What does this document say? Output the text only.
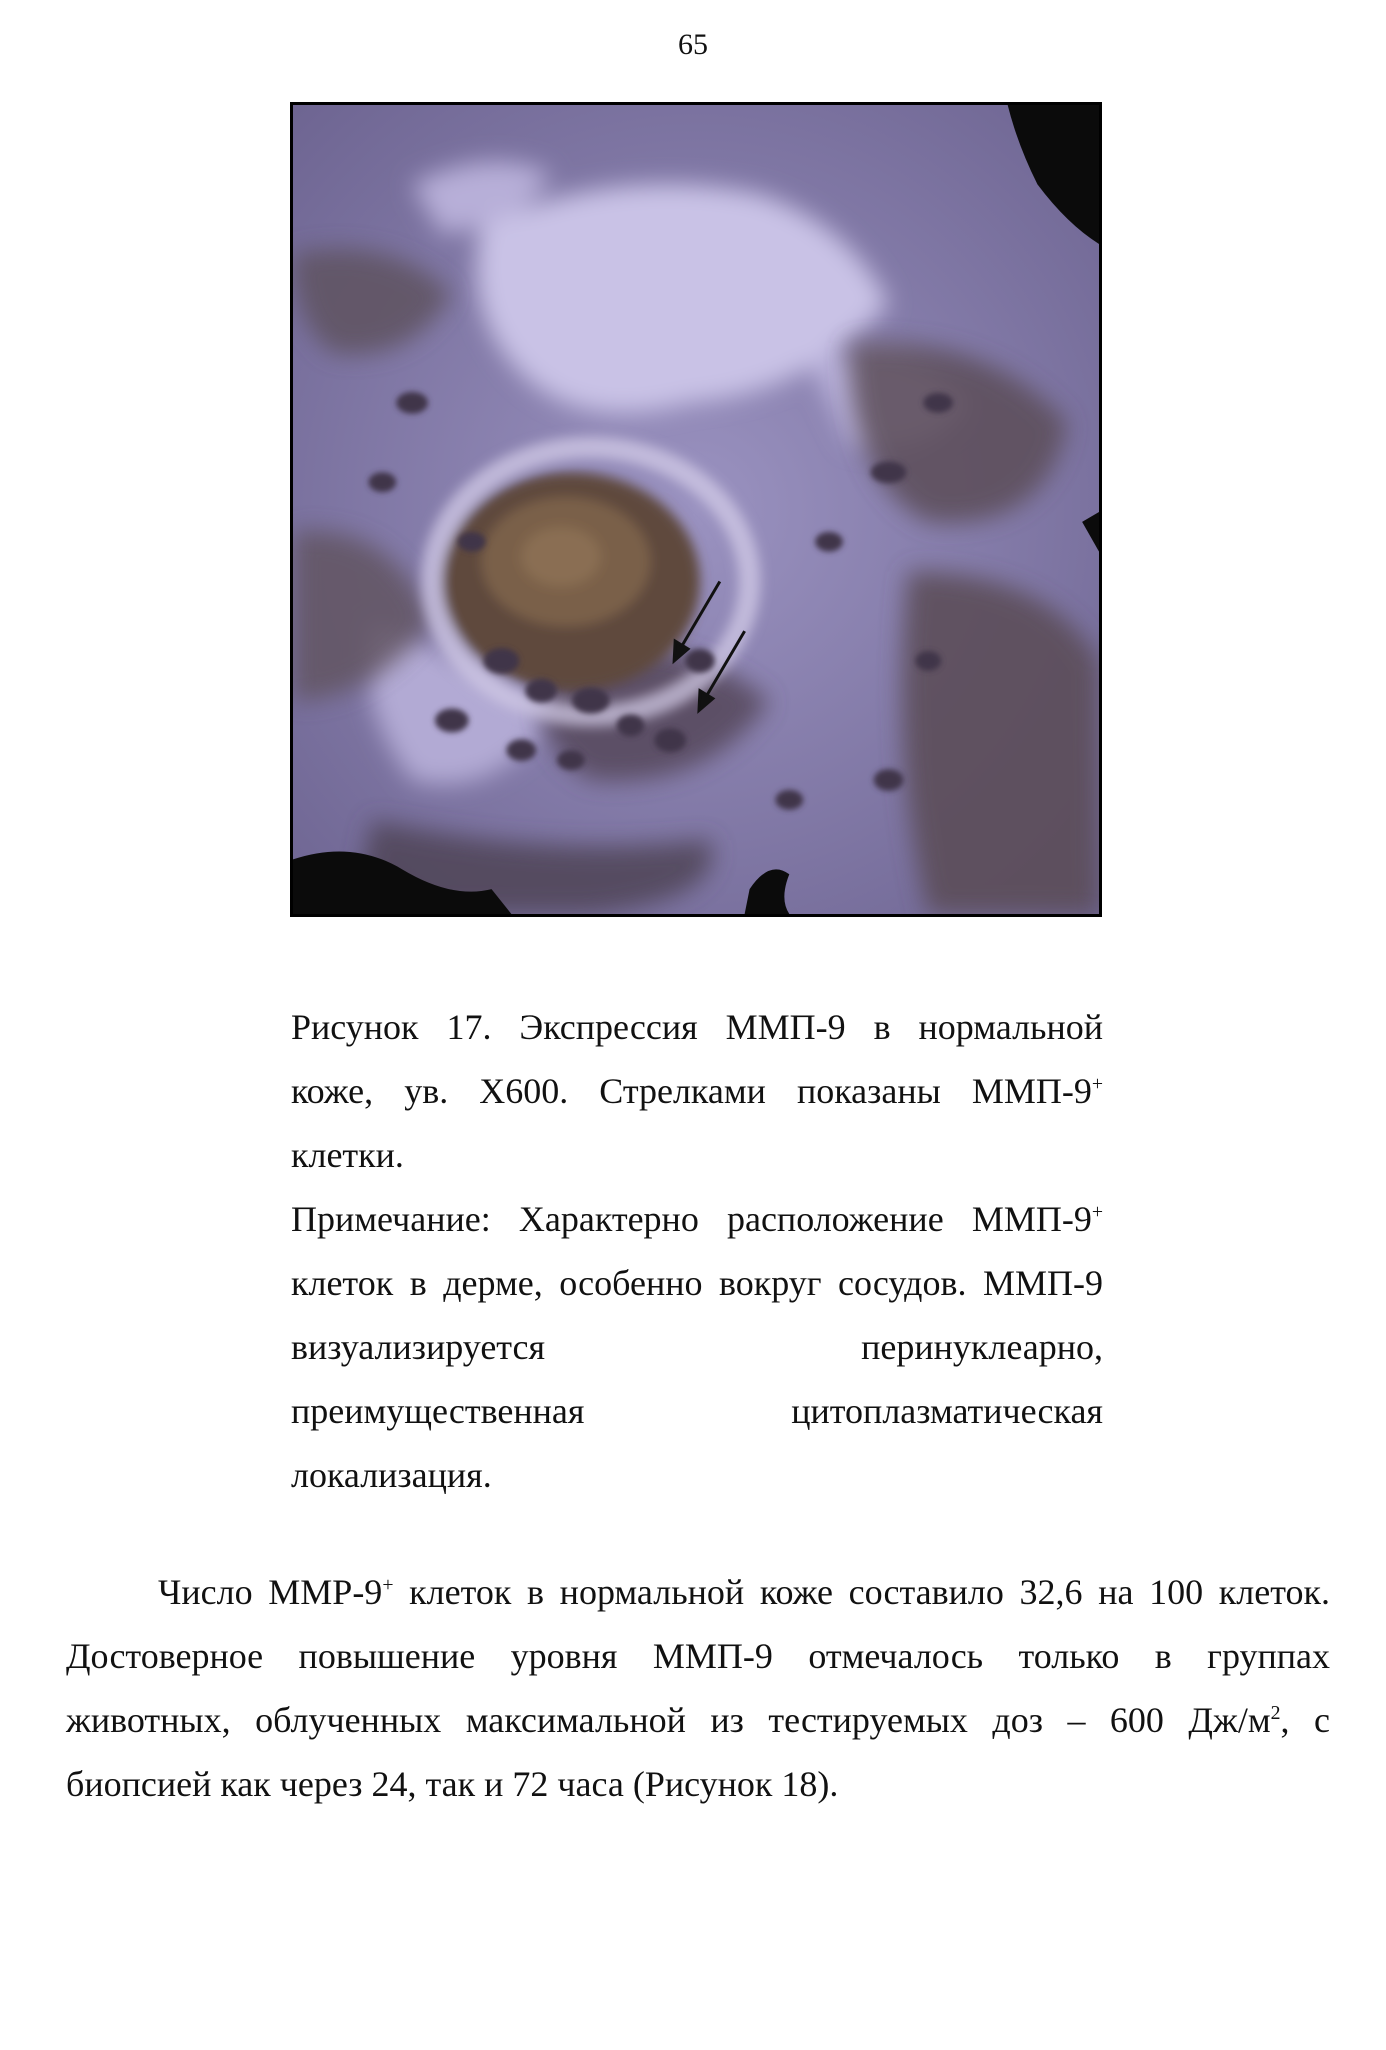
65

Рисунок 17. Экспрессия ММП-9 в нормальной

коже, ув. X600. Стрелками показаны ММП-9+

клетки.

Примечание: Характерно расположение ММП-9+

клеток в дерме, особенно вокруг сосудов. ММП-9

визуализируется перинуклеарно,

преимущественная цитоплазматическая

локализация.

Число ММР-9+ клеток в нормальной коже составило 32,6 на 100 клеток.

Достоверное повышение уровня ММП-9 отмечалось только в группах

животных, облученных максимальной из тестируемых доз – 600 $Дж/м^2$, с

биопсией как через 24, так и 72 часа (Рисунок 18).
